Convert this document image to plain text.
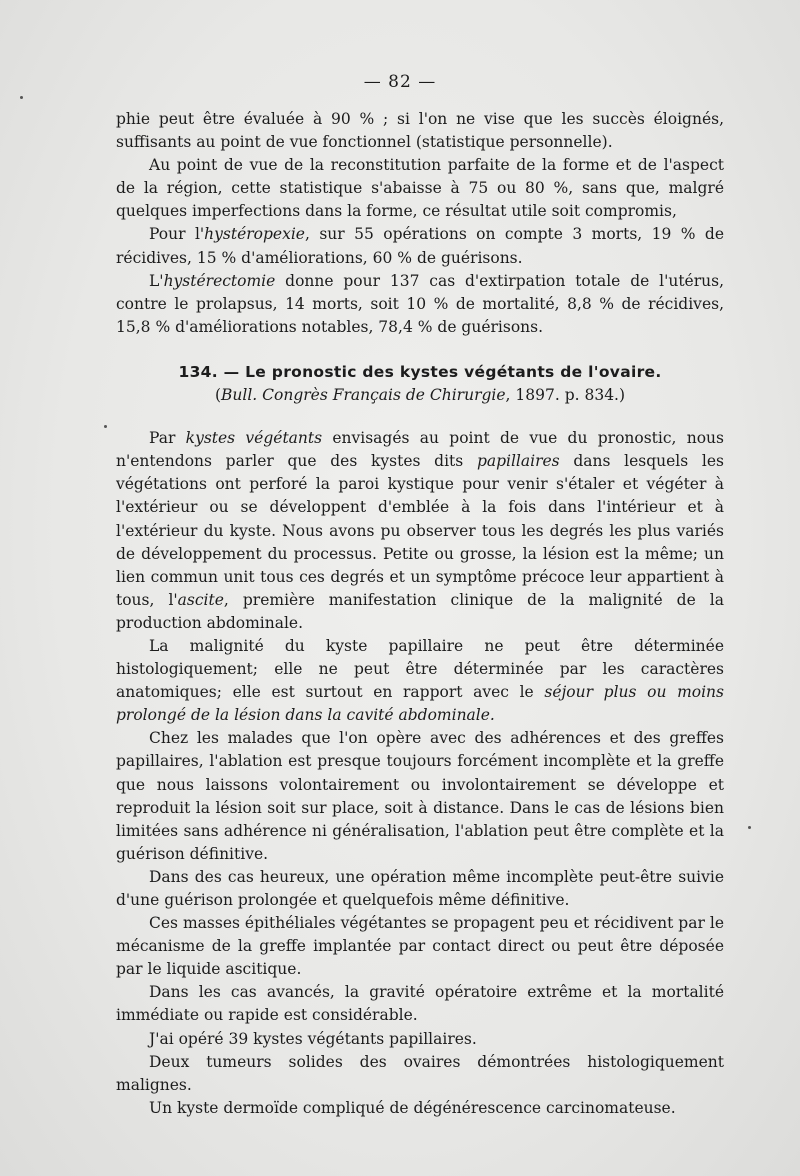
— 82 —

phie peut être évaluée à 90 % ; si l'on ne vise que les succès éloignés, suffisants au point de vue fonctionnel (statistique personnelle).

Au point de vue de la reconstitution parfaite de la forme et de l'aspect de la région, cette statistique s'abaisse à 75 ou 80 %, sans que, malgré quelques imperfections dans la forme, ce résultat utile soit compromis,

Pour l'hystéropexie, sur 55 opérations on compte 3 morts, 19 % de récidives, 15 % d'améliorations, 60 % de guérisons.

L'hystérectomie donne pour 137 cas d'extirpation totale de l'utérus, contre le prolapsus, 14 morts, soit 10 % de mortalité, 8,8 % de récidives, 15,8 % d'améliorations notables, 78,4 % de guérisons.

134. — Le pronostic des kystes végétants de l'ovaire.

(Bull. Congrès Français de Chirurgie, 1897. p. 834.)

Par kystes végétants envisagés au point de vue du pronostic, nous n'entendons parler que des kystes dits papillaires dans lesquels les végétations ont perforé la paroi kystique pour venir s'étaler et végéter à l'extérieur ou se développent d'emblée à la fois dans l'intérieur et à l'extérieur du kyste. Nous avons pu observer tous les degrés les plus variés de développement du processus. Petite ou grosse, la lésion est la même; un lien commun unit tous ces degrés et un symptôme précoce leur appartient à tous, l'ascite, première manifestation clinique de la malignité de la production abdominale.

La malignité du kyste papillaire ne peut être déterminée histologiquement; elle ne peut être déterminée par les caractères anatomiques; elle est surtout en rapport avec le séjour plus ou moins prolongé de la lésion dans la cavité abdominale.

Chez les malades que l'on opère avec des adhérences et des greffes papillaires, l'ablation est presque toujours forcément incomplète et la greffe que nous laissons volontairement ou involontairement se développe et reproduit la lésion soit sur place, soit à distance. Dans le cas de lésions bien limitées sans adhérence ni généralisation, l'ablation peut être complète et la guérison définitive.

Dans des cas heureux, une opération même incomplète peut-être suivie d'une guérison prolongée et quelquefois même définitive.

Ces masses épithéliales végétantes se propagent peu et récidivent par le mécanisme de la greffe implantée par contact direct ou peut être déposée par le liquide ascitique.

Dans les cas avancés, la gravité opératoire extrême et la mortalité immédiate ou rapide est considérable.

J'ai opéré 39 kystes végétants papillaires.

Deux tumeurs solides des ovaires démontrées histologiquement malignes.

Un kyste dermoïde compliqué de dégénérescence carcinomateuse.
